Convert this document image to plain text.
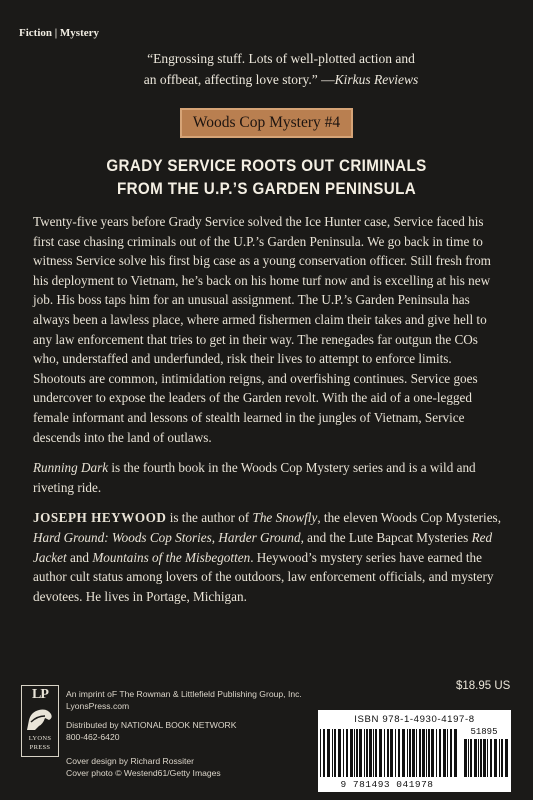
Fiction | Mystery
“Engrossing stuff. Lots of well-plotted action and
an offbeat, affecting love story.” —Kirkus Reviews
Woods Cop Mystery #4
GRADY SERVICE ROOTS OUT CRIMINALS
FROM THE U.P.’S GARDEN PENINSULA

Twenty-five years before Grady Service solved the Ice Hunter case, Service faced his first case chasing criminals out of the U.P.’s Garden Peninsula. We go back in time to witness Service solve his first big case as a young conservation officer. Still fresh from his deployment to Vietnam, he’s back on his home turf now and is excelling at his new job. His boss taps him for an unusual assignment. The U.P.’s Garden Peninsula has always been a lawless place, where armed fishermen claim their takes and give hell to any law enforcement that tries to get in their way. The renegades far outgun the COs who, understaffed and underfunded, risk their lives to attempt to enforce limits. Shootouts are common, intimidation reigns, and overfishing continues. Service goes undercover to expose the leaders of the Garden revolt. With the aid of a one-legged female informant and lessons of stealth learned in the jungles of Vietnam, Service descends into the land of outlaws.

Running Dark is the fourth book in the Woods Cop Mystery series and is a wild and riveting ride.

JOSEPH HEYWOOD is the author of The Snowfly, the eleven Woods Cop Mysteries, Hard Ground: Woods Cop Stories, Harder Ground, and the Lute Bapcat Mysteries Red Jacket and Mountains of the Misbegotten. Heywood’s mystery series have earned the author cult status among lovers of the outdoors, law enforcement officials, and mystery devotees. He lives in Portage, Michigan.

LP
LYONS
PRESS
An imprint oF The Rowman & Littlefield Publishing Group, Inc.
LyonsPress.com
Distributed by NATIONAL BOOK NETWORK
800-462-6420
Cover design by Richard Rossiter
Cover photo © Westend61/Getty Images
$18.95 US
ISBN 978-1-4930-4197-8
51895
9 781493 041978
